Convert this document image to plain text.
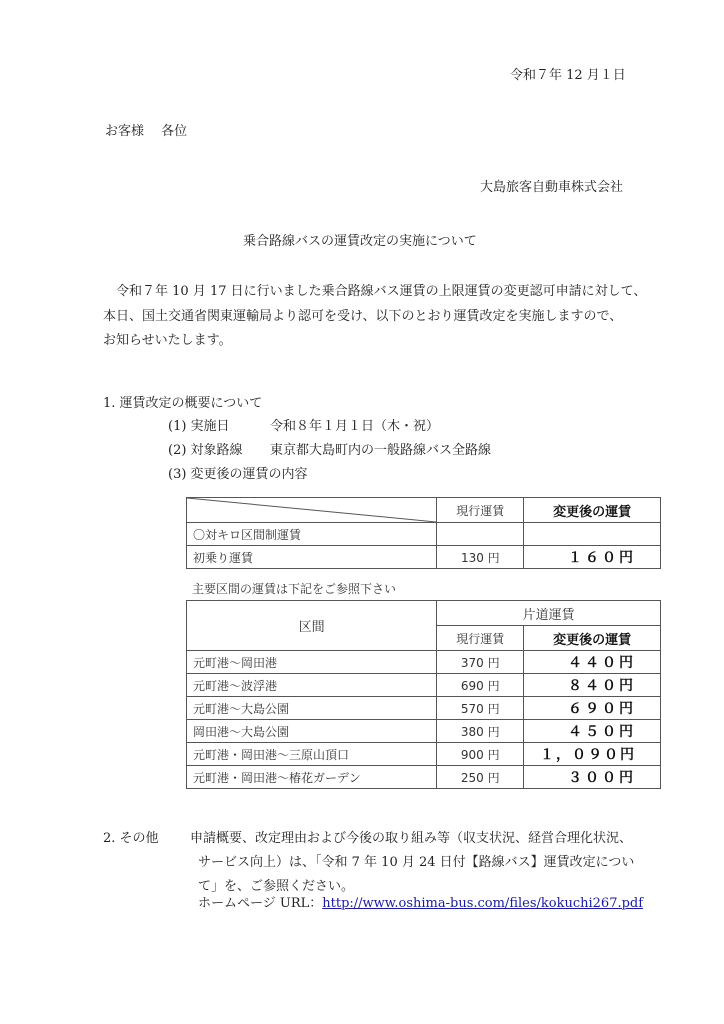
令和７年 12 月１日
お客様　 各位
大島旅客自動車株式会社
乗合路線バスの運賃改定の実施について
　令和７年 10 月 17 日に行いました乗合路線バス運賃の上限運賃の変更認可申請に対して、
本日、国土交通省関東運輸局より認可を受け、以下のとおり運賃改定を実施しますので、
お知らせいたします。
1. 運賃改定の概要について
(1) 実施日	令和８年１月１日（木・祝）
(2) 対象路線 東京都大島町内の一般路線バス全路線
(3) 変更後の運賃の内容
	現行運賃	変更後の運賃
〇対キロ区間制運賃		
初乗り運賃	130 円	１６０円
主要区間の運賃は下記をご参照下さい
区間	片道運賃	
	現行運賃	変更後の運賃
元町港～岡田港	370 円	４４０円
元町港～波浮港	690 円	８４０円
元町港～大島公園	570 円	６９０円
岡田港～大島公園	380 円	４５０円
元町港・岡田港～三原山頂口	900 円	１，０９０円
元町港・岡田港～椿花ガーデン	250 円	３００円
2. その他 申請概要、改定理由および今後の取り組み等（収支状況、経営合理化状況、
サービス向上）は、「令和 7 年 10 月 24 日付【路線バス】運賃改定につい
て」を、ご参照ください。
ホームページ URL：http://www.oshima-bus.com/files/kokuchi267.pdf
